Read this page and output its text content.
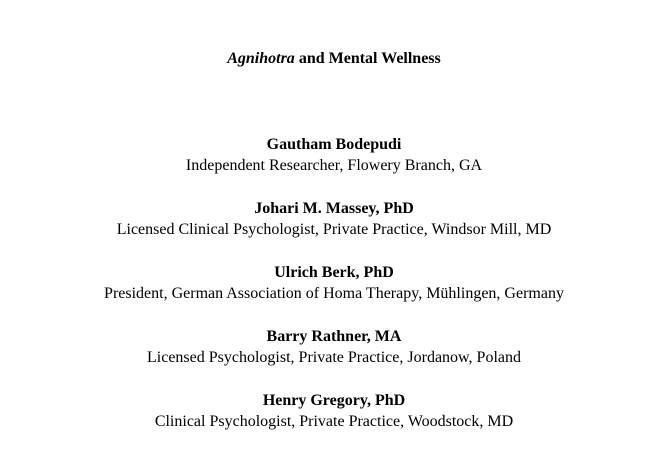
Agnihotra and Mental Wellness
Gautham Bodepudi
Independent Researcher, Flowery Branch, GA
Johari M. Massey, PhD
Licensed Clinical Psychologist, Private Practice, Windsor Mill, MD
Ulrich Berk, PhD
President, German Association of Homa Therapy, Mühlingen, Germany
Barry Rathner, MA
Licensed Psychologist, Private Practice, Jordanow, Poland
Henry Gregory, PhD
Clinical Psychologist, Private Practice, Woodstock, MD
